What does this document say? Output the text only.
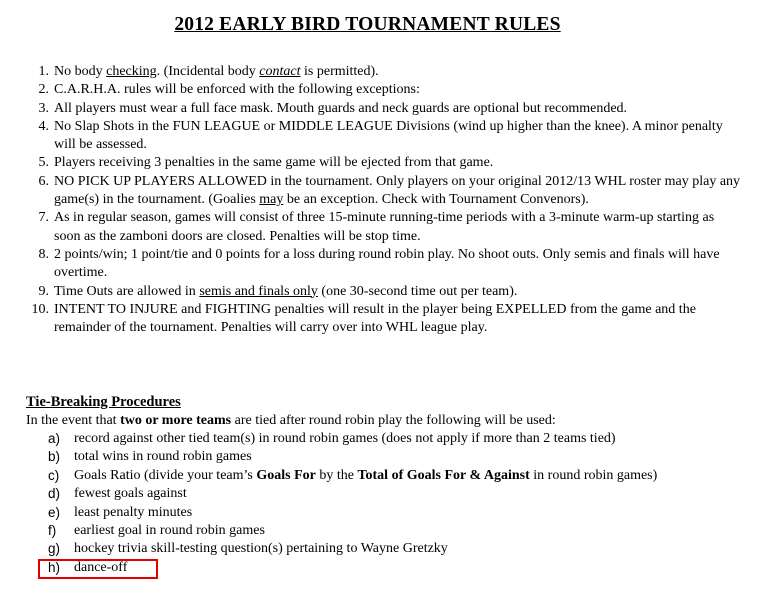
2012 EARLY BIRD TOURNAMENT RULES
1 . No body checking. (Incidental body contact is permitted).
2 . C.A.R.H.A. rules will be enforced with the following exceptions:
3 . All players must wear a full face mask. Mouth guards and neck guards are optional but recommended.
4 . No Slap Shots in the FUN LEAGUE or MIDDLE LEAGUE Divisions (wind up higher than the knee). A minor penalty will be assessed.
5 . Players receiving 3 penalties in the same game will be ejected from that game.
6 . NO PICK UP PLAYERS ALLOWED in the tournament. Only players on your original 2012/13 WHL roster may play any game(s) in the tournament. (Goalies may be an exception. Check with Tournament Convenors).
7 . As in regular season, games will consist of three 15-minute running-time periods with a 3-minute warm-up starting as soon as the zamboni doors are closed. Penalties will be stop time.
8 . 2 points/win; 1 point/tie and 0 points for a loss during round robin play. No shoot outs. Only semis and finals will have overtime.
9 . Time Outs are allowed in semis and finals only (one 30-second time out per team).
10 . INTENT TO INJURE and FIGHTING penalties will result in the player being EXPELLED from the game and the remainder of the tournament. Penalties will carry over into WHL league play.
Tie-Breaking Procedures
In the event that two or more teams are tied after round robin play the following will be used:
a )	record against other tied team(s) in round robin games (does not apply if more than 2 teams tied)
b )	total wins in round robin games
c )	Goals Ratio (divide your team’s Goals For by the Total of Goals For & Against in round robin games)
d )	fewest goals against
e )	least penalty minutes
f )	earliest goal in round robin games
g )	hockey trivia skill-testing question(s) pertaining to Wayne Gretzky
h )	dance-off
